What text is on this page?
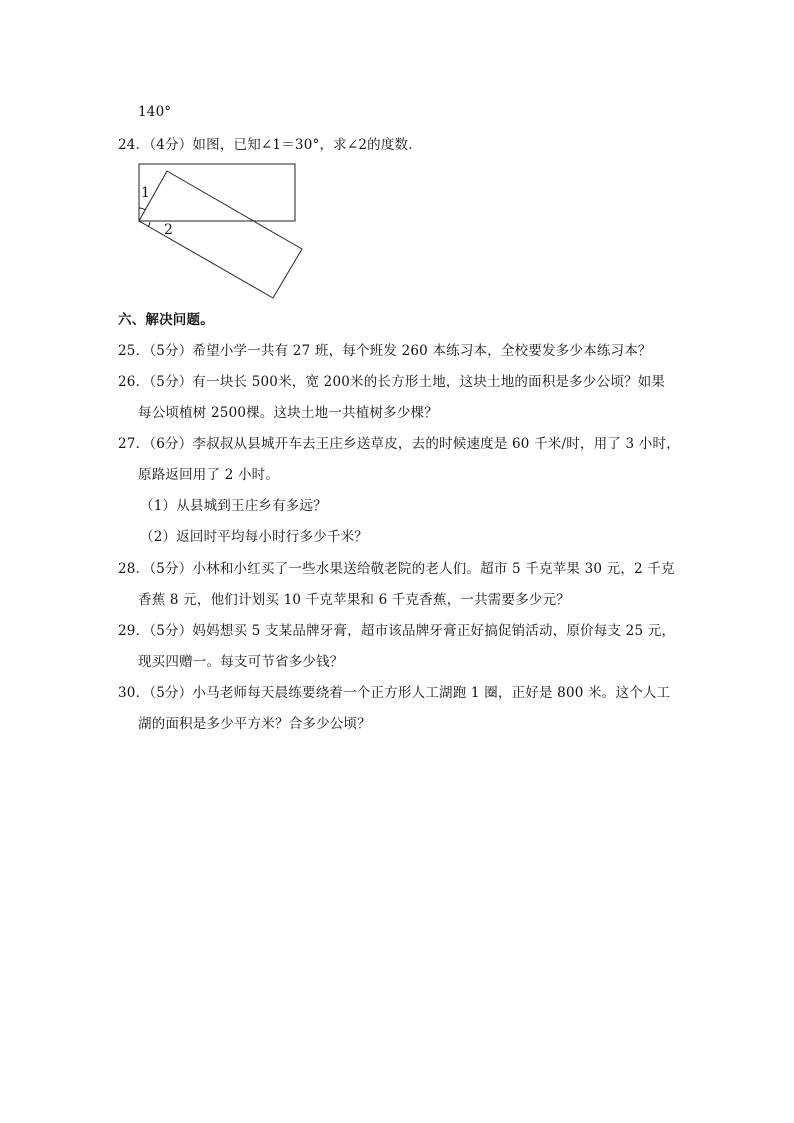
140°
24．（4分）如图，已知∠1＝30°，求∠2的度数．
1
2
六、解决问题。
25．（5分）希望小学一共有 27 班，每个班发 260 本练习本，全校要发多少本练习本？
26．（5分）有一块长 500米，宽 200米的长方形土地，这块土地的面积是多少公顷？如果
每公顷植树 2500棵。这块土地一共植树多少棵？
27．（6分）李叔叔从县城开车去王庄乡送草皮，去的时候速度是 60 千米/时，用了 3 小时，
原路返回用了 2 小时。
（1）从县城到王庄乡有多远？
（2）返回时平均每小时行多少千米？
28．（5分）小林和小红买了一些水果送给敬老院的老人们。超市 5 千克苹果 30 元，2 千克
香蕉 8 元，他们计划买 10 千克苹果和 6 千克香蕉，一共需要多少元？
29．（5分）妈妈想买 5 支某品牌牙膏，超市该品牌牙膏正好搞促销活动，原价每支 25 元，
现买四赠一。每支可节省多少钱？
30．（5分）小马老师每天晨练要绕着一个正方形人工湖跑 1 圈，正好是 800 米。这个人工
湖的面积是多少平方米？合多少公顷？
